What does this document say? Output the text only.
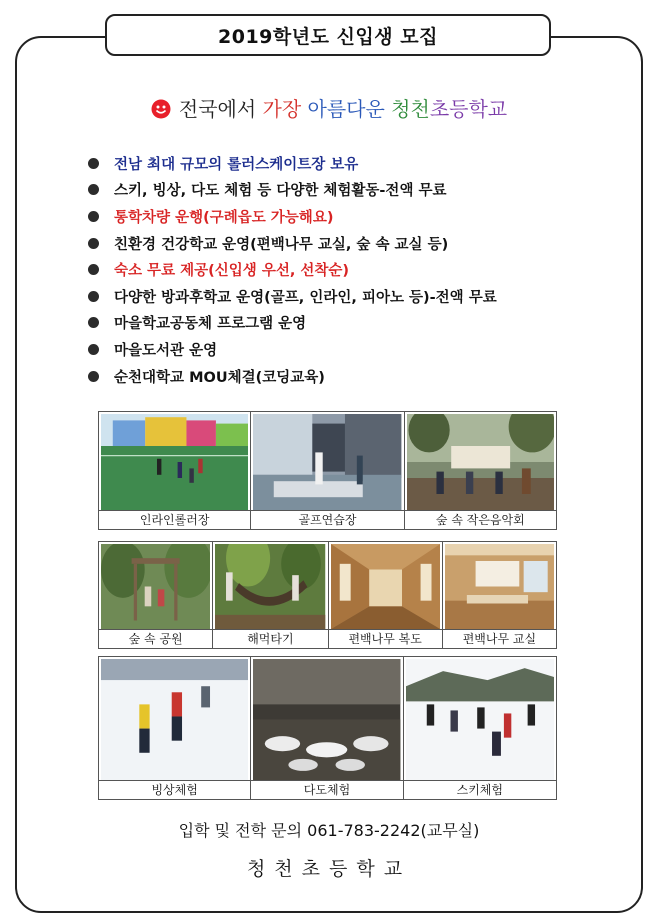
2019학년도 신입생 모집
전국에서 가장 아름다운 청천초등학교
전남 최대 규모의 롤러스케이트장 보유
스키, 빙상, 다도 체험 등 다양한 체험활동-전액 무료
통학차량 운행(구례읍도 가능해요)
친환경 건강학교 운영(편백나무 교실, 숲 속 교실 등)
숙소 무료 제공(신입생 우선, 선착순)
다양한 방과후학교 운영(골프, 인라인, 피아노 등)-전액 무료
마을학교공동체 프로그램 운영
마을도서관 운영
순천대학교 MOU체결(코딩교육)
인라인롤러장	골프연습장	숲 속 작은음악회
숲 속 공원	해먹타기	편백나무 복도	편백나무 교실
빙상체험	다도체험	스키체험
입학 및 전학 문의 061-783-2242(교무실)
청천초등학교
